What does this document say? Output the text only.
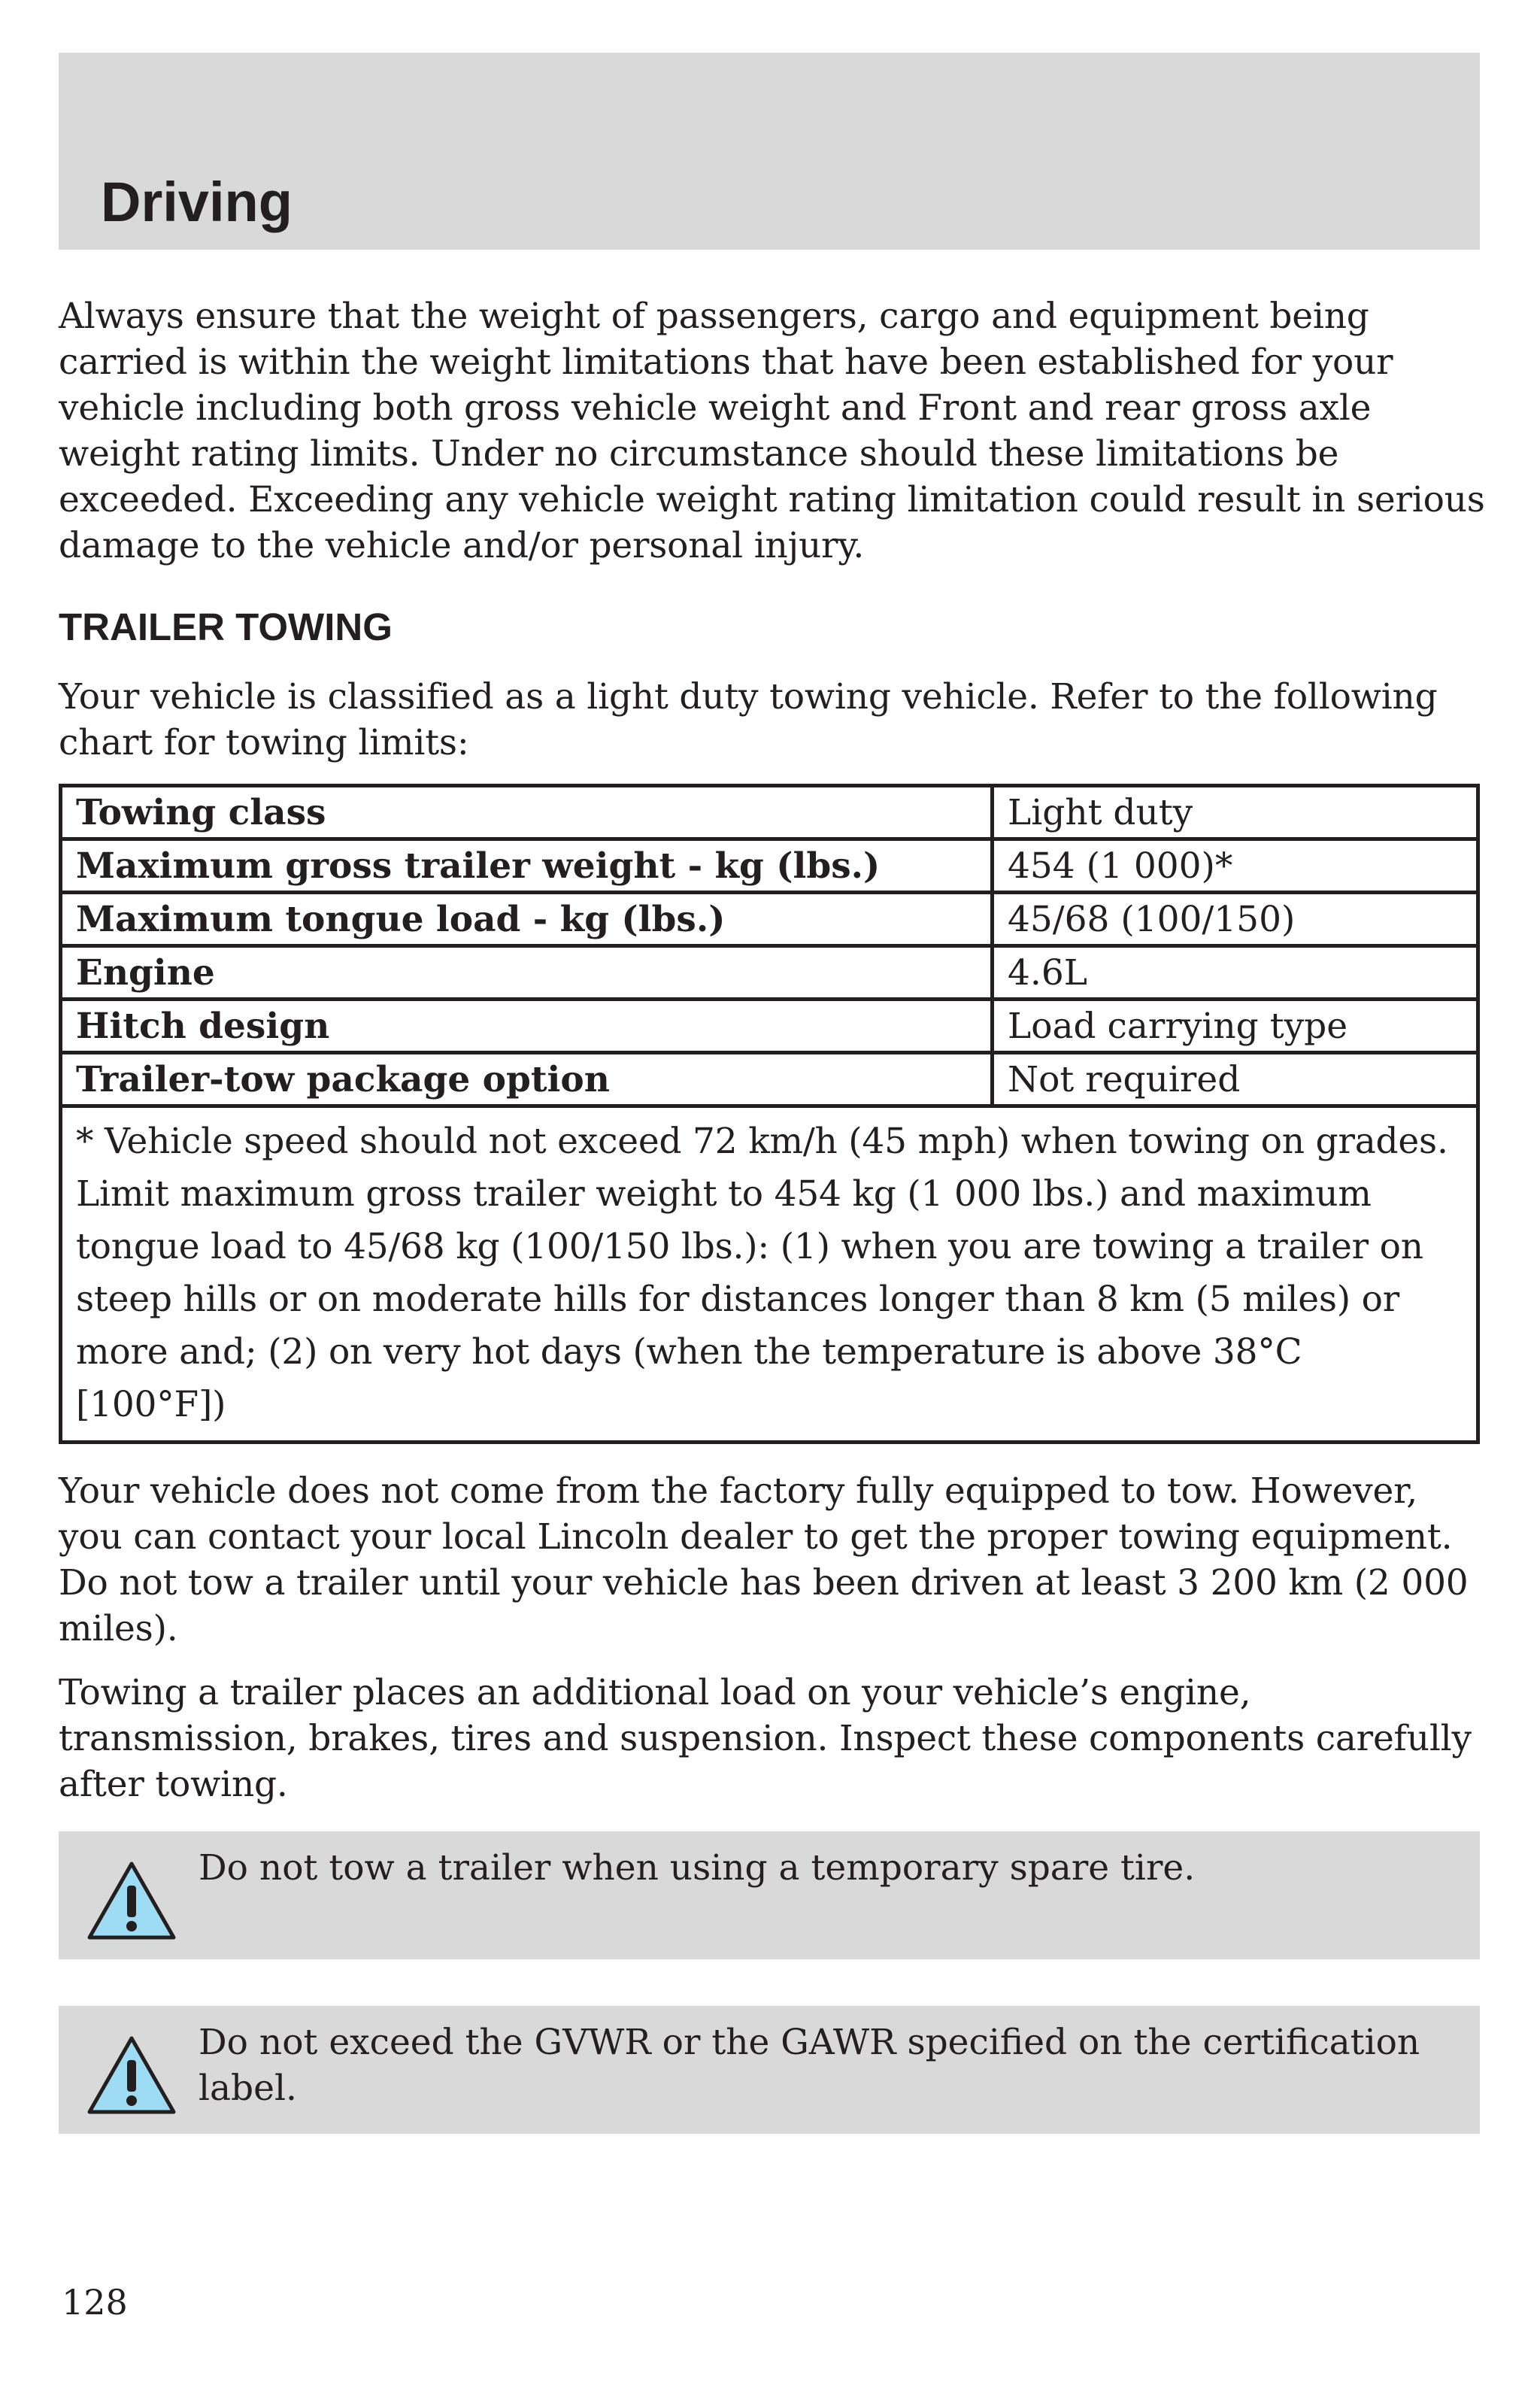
Driving

Always ensure that the weight of passengers, cargo and equipment being carried is within the weight limitations that have been established for your vehicle including both gross vehicle weight and Front and rear gross axle weight rating limits. Under no circumstance should these limitations be exceeded. Exceeding any vehicle weight rating limitation could result in serious damage to the vehicle and/or personal injury.

TRAILER TOWING

Your vehicle is classified as a light duty towing vehicle. Refer to the following chart for towing limits:

Towing class	Light duty
Maximum gross trailer weight - kg (lbs.)	454 (1 000)*
Maximum tongue load - kg (lbs.)	45/68 (100/150)
Engine	4.6L
Hitch design	Load carrying type
Trailer-tow package option	Not required
* Vehicle speed should not exceed 72 km/h (45 mph) when towing on grades. Limit maximum gross trailer weight to 454 kg (1 000 lbs.) and maximum tongue load to 45/68 kg (100/150 lbs.): (1) when you are towing a trailer on steep hills or on moderate hills for distances longer than 8 km (5 miles) or more and; (2) on very hot days (when the temperature is above 38°C [100°F])	

Your vehicle does not come from the factory fully equipped to tow. However, you can contact your local Lincoln dealer to get the proper towing equipment. Do not tow a trailer until your vehicle has been driven at least 3 200 km (2 000 miles).

Towing a trailer places an additional load on your vehicle’s engine, transmission, brakes, tires and suspension. Inspect these components carefully after towing.

Do not tow a trailer when using a temporary spare tire.

Do not exceed the GVWR or the GAWR specified on the certification label.

128
